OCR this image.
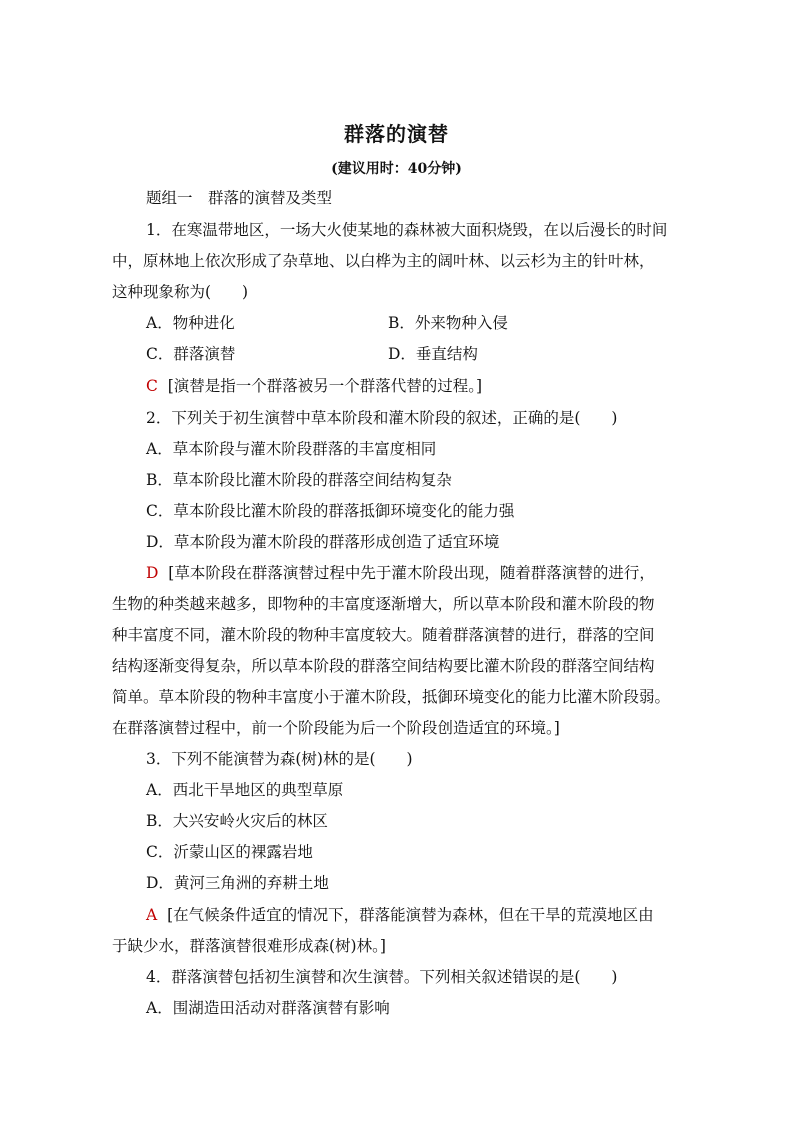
群落的演替
(建议用时：40分钟)
题组一　群落的演替及类型
1．在寒温带地区，一场大火使某地的森林被大面积烧毁，在以后漫长的时间
中，原林地上依次形成了杂草地、以白桦为主的阔叶林、以云杉为主的针叶林，
这种现象称为(　　)
A．物种进化	B．外来物种入侵
C．群落演替	D．垂直结构
C [演替是指一个群落被另一个群落代替的过程。]
2．下列关于初生演替中草本阶段和灌木阶段的叙述，正确的是(　　)
A．草本阶段与灌木阶段群落的丰富度相同
B．草本阶段比灌木阶段的群落空间结构复杂
C．草本阶段比灌木阶段的群落抵御环境变化的能力强
D．草本阶段为灌木阶段的群落形成创造了适宜环境
D [草本阶段在群落演替过程中先于灌木阶段出现，随着群落演替的进行，
生物的种类越来越多，即物种的丰富度逐渐增大，所以草本阶段和灌木阶段的物
种丰富度不同，灌木阶段的物种丰富度较大。随着群落演替的进行，群落的空间
结构逐渐变得复杂，所以草本阶段的群落空间结构要比灌木阶段的群落空间结构
简单。草本阶段的物种丰富度小于灌木阶段，抵御环境变化的能力比灌木阶段弱。
在群落演替过程中，前一个阶段能为后一个阶段创造适宜的环境。]
3．下列不能演替为森(树)林的是(　　)
A．西北干旱地区的典型草原
B．大兴安岭火灾后的林区
C．沂蒙山区的裸露岩地
D．黄河三角洲的弃耕土地
A [在气候条件适宜的情况下，群落能演替为森林，但在干旱的荒漠地区由
于缺少水，群落演替很难形成森(树)林。]
4．群落演替包括初生演替和次生演替。下列相关叙述错误的是(　　)
A．围湖造田活动对群落演替有影响
